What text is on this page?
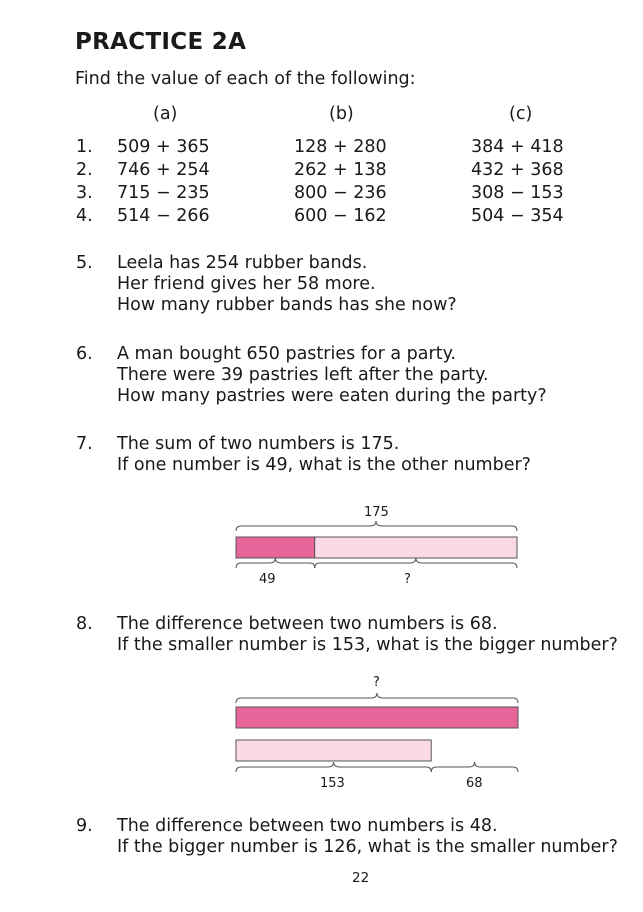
PRACTICE 2A
Find the value of each of the following:
(a)	(b)	(c)
1. 509 + 365	128 + 280	384 + 418
2. 746 + 254	262 + 138	432 + 368
3. 715 − 235	800 − 236	308 − 153
4. 514 − 266	600 − 162	504 − 354
5. Leela has 254 rubber bands.
Her friend gives her 58 more.
How many rubber bands has she now?
6. A man bought 650 pastries for a party.
There were 39 pastries left after the party.
How many pastries were eaten during the party?
7. The sum of two numbers is 175.
If one number is 49, what is the other number?
8. The difference between two numbers is 68.
If the smaller number is 153, what is the bigger number?
9. The difference between two numbers is 48.
If the bigger number is 126, what is the smaller number?
175
49	?
?
153	68
22
